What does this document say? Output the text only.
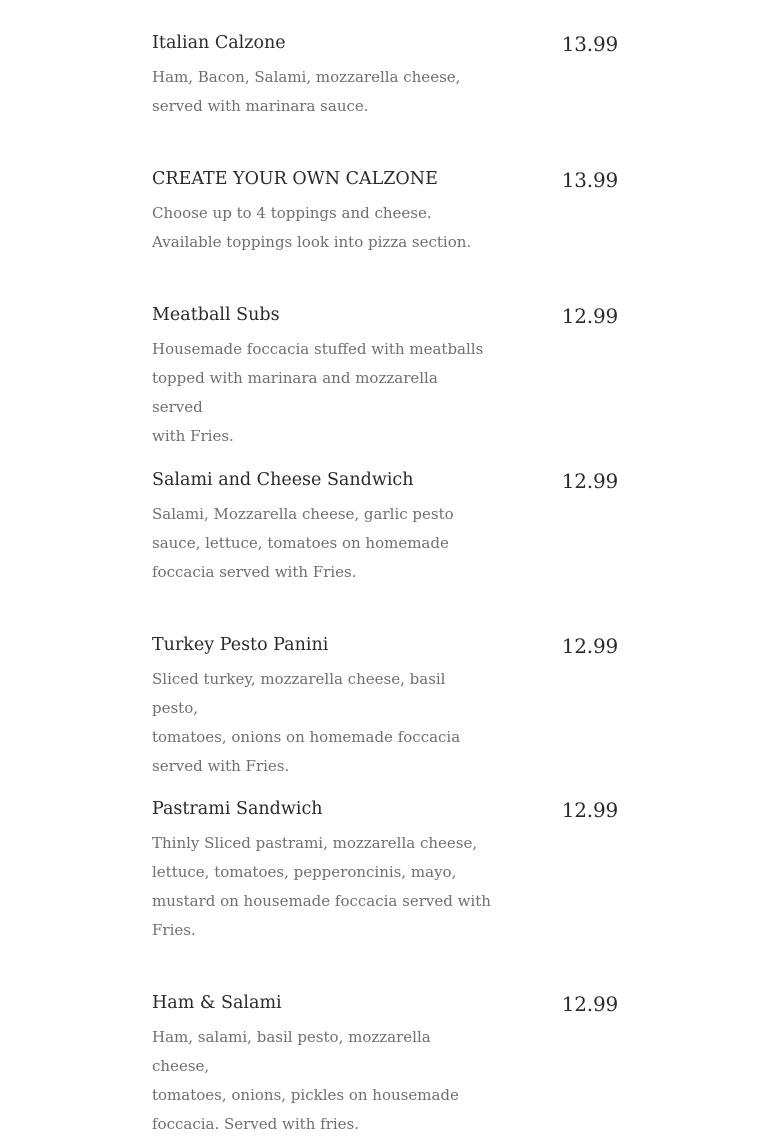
Italian Calzone	13.99
Ham, Bacon, Salami, mozzarella cheese,
served with marinara sauce.
CREATE YOUR OWN CALZONE	13.99
Choose up to 4 toppings and cheese.
Available toppings look into pizza section.
Meatball Subs	12.99
Housemade foccacia stuffed with meatballs
topped with marinara and mozzarella served
with Fries.
Salami and Cheese Sandwich	12.99
Salami, Mozzarella cheese, garlic pesto
sauce, lettuce, tomatoes on homemade
foccacia served with Fries.
Turkey Pesto Panini	12.99
Sliced turkey, mozzarella cheese, basil pesto,
tomatoes, onions on homemade foccacia
served with Fries.
Pastrami Sandwich	12.99
Thinly Sliced pastrami, mozzarella cheese,
lettuce, tomatoes, pepperoncinis, mayo,
mustard on housemade foccacia served with
Fries.
Ham & Salami	12.99
Ham, salami, basil pesto, mozzarella cheese,
tomatoes, onions, pickles on housemade
foccacia. Served with fries.
